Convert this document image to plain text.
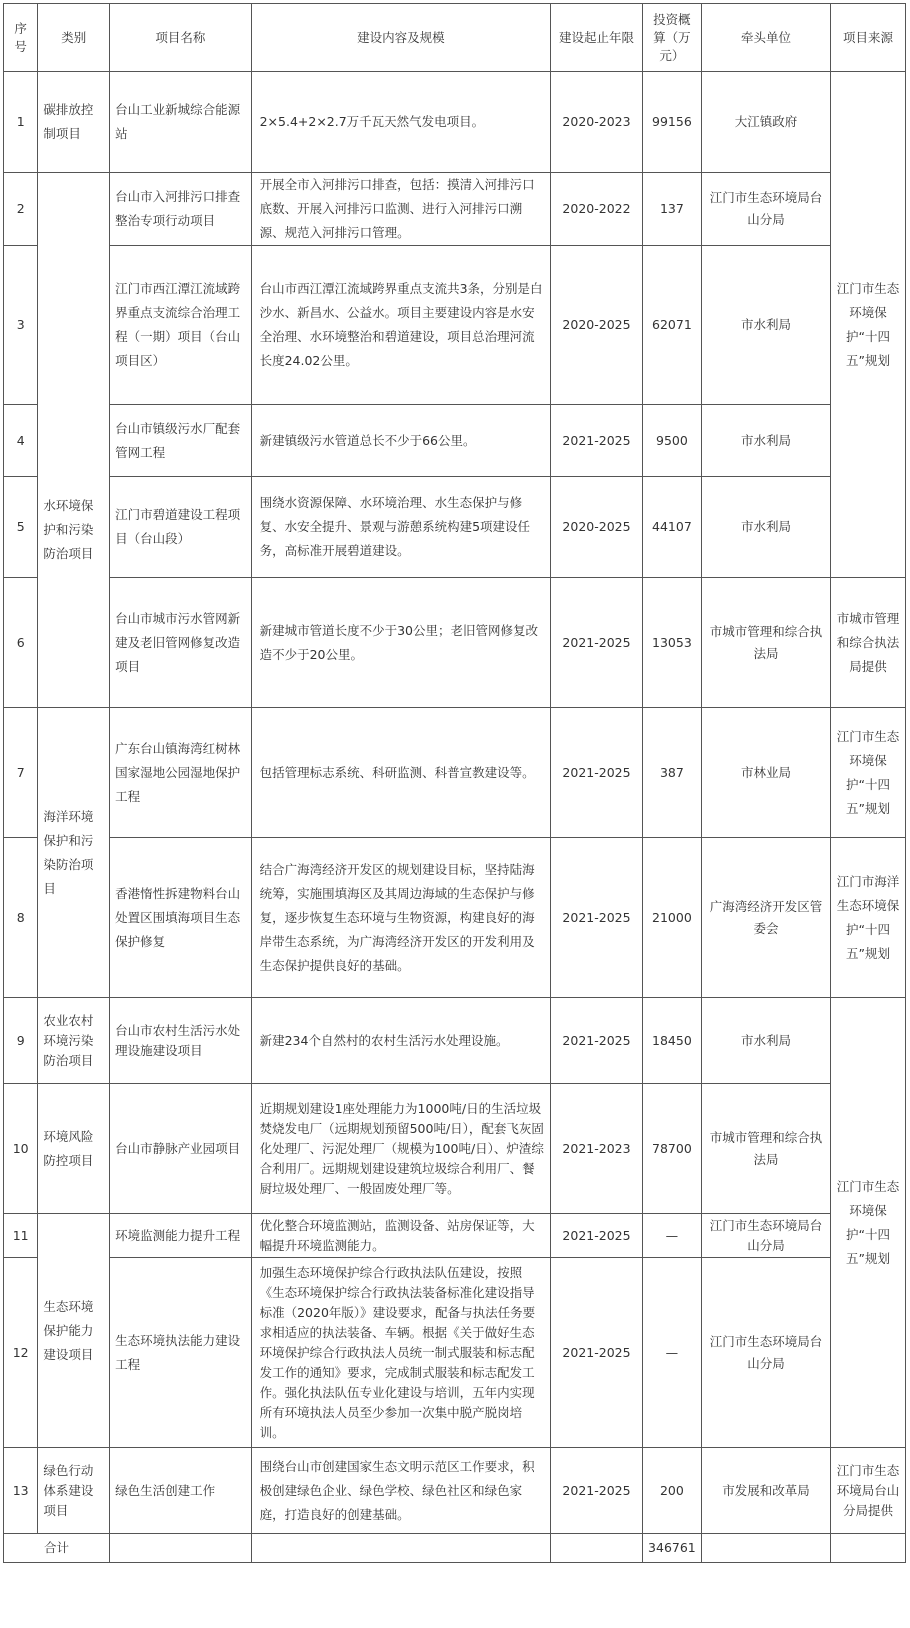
序号	类别	项目名称	建设内容及规模	建设起止年限	投资概算（万元）	牵头单位	项目来源
1	碳排放控制项目	台山工业新城综合能源站	2×5.4+2×2.7万千瓦天然气发电项目。	2020-2023	99156	大江镇政府	江门市生态环境保护“十四五”规划
2	水环境保护和污染防治项目	台山市入河排污口排查整治专项行动项目	开展全市入河排污口排查，包括：摸清入河排污口底数、开展入河排污口监测、进行入河排污口溯源、规范入河排污口管理。	2020-2022	137	江门市生态环境局台山分局	
3		江门市西江潭江流域跨界重点支流综合治理工程（一期）项目（台山项目区）	台山市西江潭江流域跨界重点支流共3条，分别是白沙水、新昌水、公益水。项目主要建设内容是水安全治理、水环境整治和碧道建设，项目总治理河流长度24.02公里。	2020-2025	62071	市水利局	
4		台山市镇级污水厂配套管网工程	新建镇级污水管道总长不少于66公里。	2021-2025	9500	市水利局	
5		江门市碧道建设工程项目（台山段）	围绕水资源保障、水环境治理、水生态保护与修复、水安全提升、景观与游憩系统构建5项建设任务，高标准开展碧道建设。	2020-2025	44107	市水利局	
6		台山市城市污水管网新建及老旧管网修复改造项目	新建城市管道长度不少于30公里；老旧管网修复改造不少于20公里。	2021-2025	13053	市城市管理和综合执法局	市城市管理和综合执法局提供
7	海洋环境保护和污染防治项目	广东台山镇海湾红树林国家湿地公园湿地保护工程	包括管理标志系统、科研监测、科普宣教建设等。	2021-2025	387	市林业局	江门市生态环境保护“十四五”规划
8		香港惰性拆建物料台山处置区围填海项目生态保护修复	结合广海湾经济开发区的规划建设目标，坚持陆海统筹，实施围填海区及其周边海域的生态保护与修复，逐步恢复生态环境与生物资源，构建良好的海岸带生态系统，为广海湾经济开发区的开发利用及生态保护提供良好的基础。	2021-2025	21000	广海湾经济开发区管委会	江门市海洋生态环境保护“十四五”规划
9	农业农村环境污染防治项目	台山市农村生活污水处理设施建设项目	新建234个自然村的农村生活污水处理设施。	2021-2025	18450	市水利局	江门市生态环境保护“十四五”规划
10	环境风险防控项目	台山市静脉产业园项目	近期规划建设1座处理能力为1000吨/日的生活垃圾焚烧发电厂（远期规划预留500吨/日），配套飞灰固化处理厂、污泥处理厂（规模为100吨/日）、炉渣综合利用厂。远期规划建设建筑垃圾综合利用厂、餐厨垃圾处理厂、一般固废处理厂等。	2021-2023	78700	市城市管理和综合执法局	
11	生态环境保护能力建设项目	环境监测能力提升工程	优化整合环境监测站，监测设备、站房保证等，大幅提升环境监测能力。	2021-2025	—	江门市生态环境局台山分局	
12		生态环境执法能力建设工程	加强生态环境保护综合行政执法队伍建设，按照《生态环境保护综合行政执法装备标准化建设指导标准（2020年版）》建设要求，配备与执法任务要求相适应的执法装备、车辆。根据《关于做好生态环境保护综合行政执法人员统一制式服装和标志配发工作的通知》要求，完成制式服装和标志配发工作。强化执法队伍专业化建设与培训，五年内实现所有环境执法人员至少参加一次集中脱产脱岗培训。	2021-2025	—	江门市生态环境局台山分局	
13	绿色行动体系建设项目	绿色生活创建工作	围绕台山市创建国家生态文明示范区工作要求，积极创建绿色企业、绿色学校、绿色社区和绿色家庭，打造良好的创建基础。	2021-2025	200	市发展和改革局	江门市生态环境局台山分局提供
合计					346761		
